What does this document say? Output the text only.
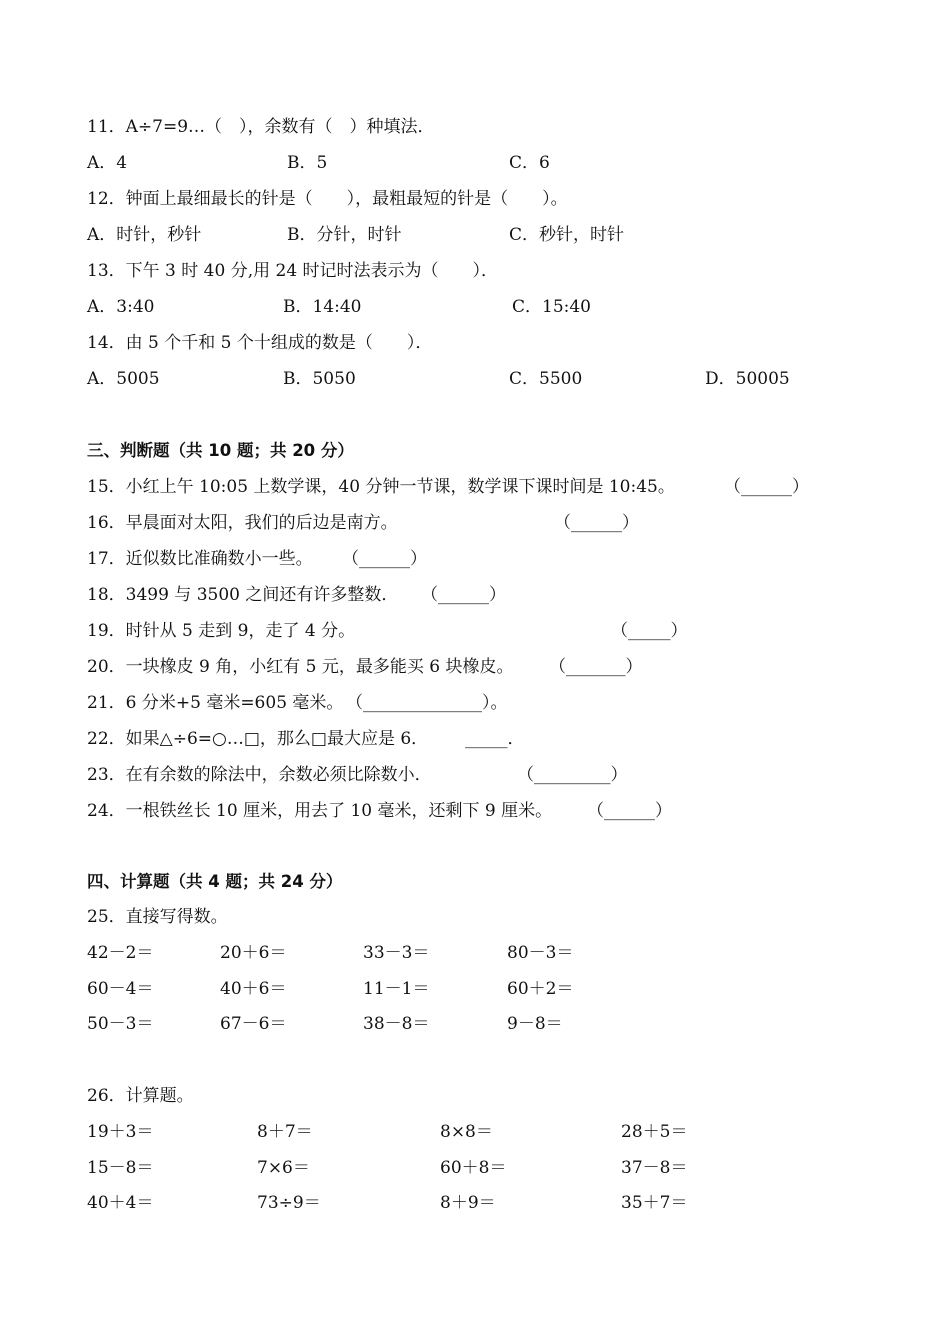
11．A÷7=9…（　），余数有（　）种填法．
A．4	B．5	C．6
12．钟面上最细最长的针是（　　），最粗最短的针是（　　）。
A．时针，秒针	B．分针，时针	C．秒针，时针
13．下午 3 时 40 分,用 24 时记时法表示为（　　）．
A．3:40	B．14:40	C．15:40
14．由 5 个千和 5 个十组成的数是（　　）．
A．5005	B．5050	C．5500	D．50005
三、判断题（共 10 题；共 20 分）
15．小红上午 10:05 上数学课，40 分钟一节课，数学课下课时间是 10:45。	（______）
16．早晨面对太阳，我们的后边是南方。	（______）
17．近似数比准确数小一些。 （______）
18．3499 与 3500 之间还有许多整数． （______）
19．时针从 5 走到 9，走了 4 分。	（_____）
20．一块橡皮 9 角，小红有 5 元，最多能买 6 块橡皮。 （_______）
21．6 分米+5 毫米=605 毫米。 （______________）。
22．如果△÷6=○…□，那么□最大应是 6． _____．
23．在有余数的除法中，余数必须比除数小．	（_________）
24．一根铁丝长 10 厘米，用去了 10 毫米，还剩下 9 厘米。 （______）
四、计算题（共 4 题；共 24 分）
25．直接写得数。
42－2＝	20＋6＝	33－3＝	80－3＝
60－4＝	40＋6＝	11－1＝	60＋2＝
50－3＝	67－6＝	38－8＝	9－8＝
26．计算题。
19＋3＝	8＋7＝	8×8＝	28＋5＝
15－8＝	7×6＝	60＋8＝	37－8＝
40＋4＝	73÷9＝	8＋9＝	35＋7＝
